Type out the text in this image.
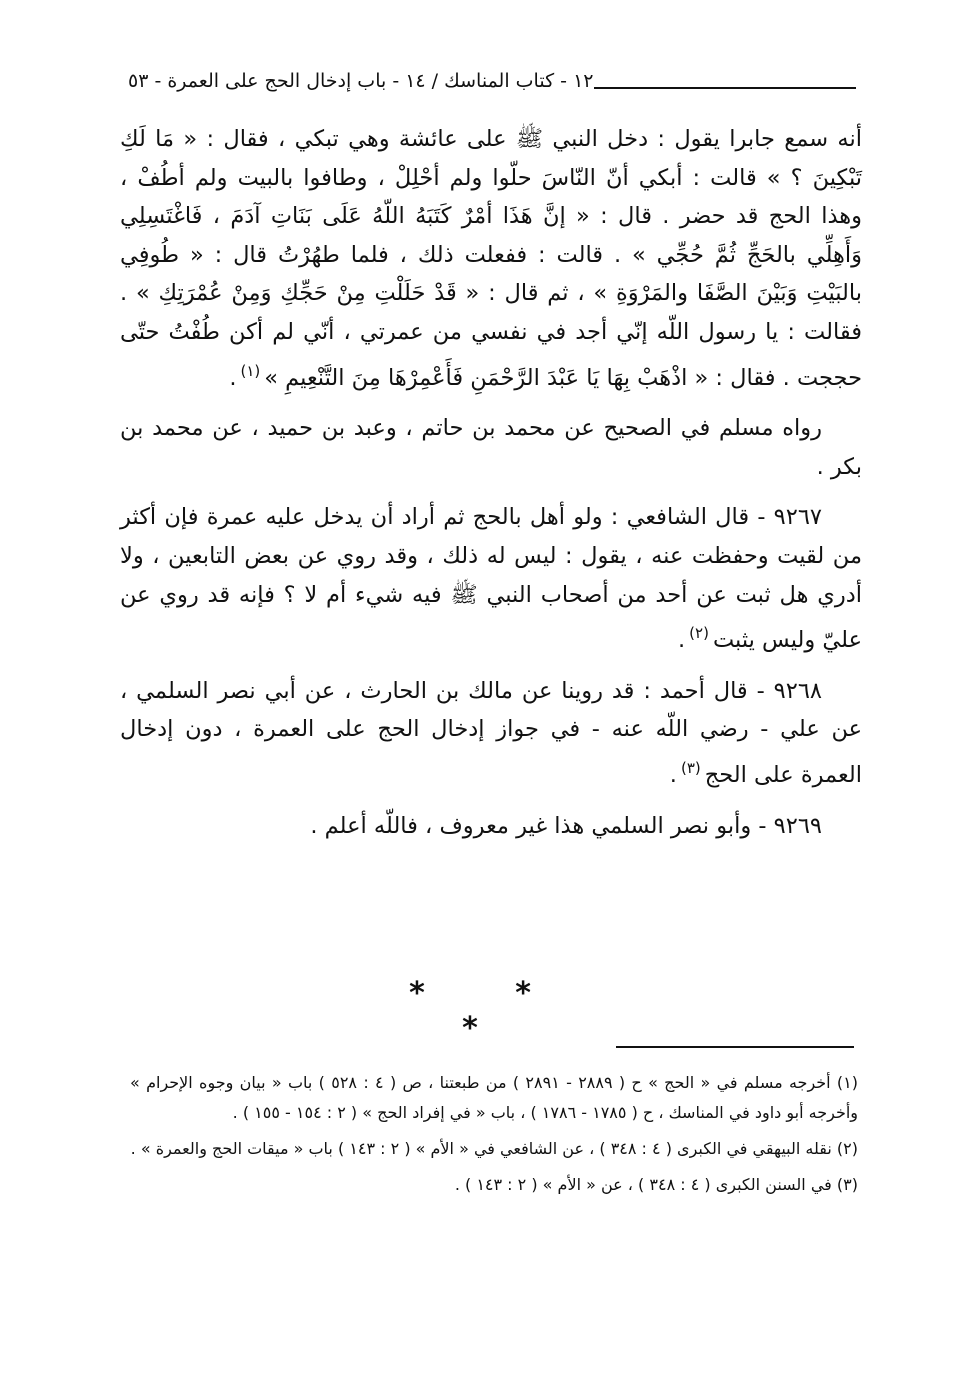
١٢ - كتاب المناسك / ١٤ - باب إدخال الحج على العمرة - ٥٣

أنه سمع جابرا يقول : دخل النبي ﷺ على عائشة وهي تبكي ، فقال : « مَا لَكِ تَبْكِينَ ؟ » قالت : أبكي أنّ النّاسَ حلّوا ولم أحْلِلْ ، وطافوا بالبيت ولم أطُفْ ، وهذا الحج قد حضر . قال : « إنَّ هَذَا أمْرٌ كَتَبَهُ اللّهُ عَلَى بَنَاتِ آدَمَ ، فَاغْتَسِلِي وَأَهِلِّي بالحَجِّ ثُمَّ حُجِّي » . قالت : ففعلت ذلك ، فلما طهُرْتُ قال : « طُوفِي بالبَيْتِ وَبَيْنَ الصَّفَا والمَرْوَةِ » ، ثم قال : « قَدْ حَلَلْتِ مِنْ حَجِّكِ وَمِنْ عُمْرَتِكِ » . فقالت : يا رسول اللّه إنّي أجد في نفسي من عمرتي ، أنّي لم أكن طُفْتُ حتّى حججت . فقال : « اذْهَبْ بِهَا يَا عَبْدَ الرَّحْمَنِ فَأَعْمِرْهَا مِنَ التَّنْعِيمِ »$^{(١)}$.

رواه مسلم في الصحيح عن محمد بن حاتم ، وعبد بن حميد ، عن محمد بن بكر .

٩٢٦٧ - قال الشافعي : ولو أهل بالحج ثم أراد أن يدخل عليه عمرة فإن أكثر من لقيت وحفظت عنه ، يقول : ليس له ذلك ، وقد روي عن بعض التابعين ، ولا أدري هل ثبت عن أحد من أصحاب النبي ﷺ فيه شيء أم لا ؟ فإنه قد روي عن عليّ وليس يثبت$^{(٢)}$.

٩٢٦٨ - قال أحمد : قد روينا عن مالك بن الحارث ، عن أبي نصر السلمي ، عن علي - رضي اللّه عنه - في جواز إدخال الحج على العمرة ، دون إدخال العمرة على الحج$^{(٣)}$.

٩٢٦٩ - وأبو نصر السلمي هذا غير معروف ، فاللّه أعلم .

* * *

(١) أخرجه مسلم في « الحج » ح ( ٢٨٨٩ - ٢٨٩١ ) من طبعتنا ، ص ( ٤ : ٥٢٨ ) باب « بيان وجوه الإحرام » وأخرجه أبو داود في المناسك ، ح ( ١٧٨٥ - ١٧٨٦ ) ، باب « في إفراد الحج » ( ٢ : ١٥٤ - ١٥٥ ) .

(٢) نقله البيهقي في الكبرى ( ٤ : ٣٤٨ ) ، عن الشافعي في « الأم » ( ٢ : ١٤٣ ) باب « ميقات الحج والعمرة » .

(٣) في السنن الكبرى ( ٤ : ٣٤٨ ) ، عن « الأم » ( ٢ : ١٤٣ ) .
